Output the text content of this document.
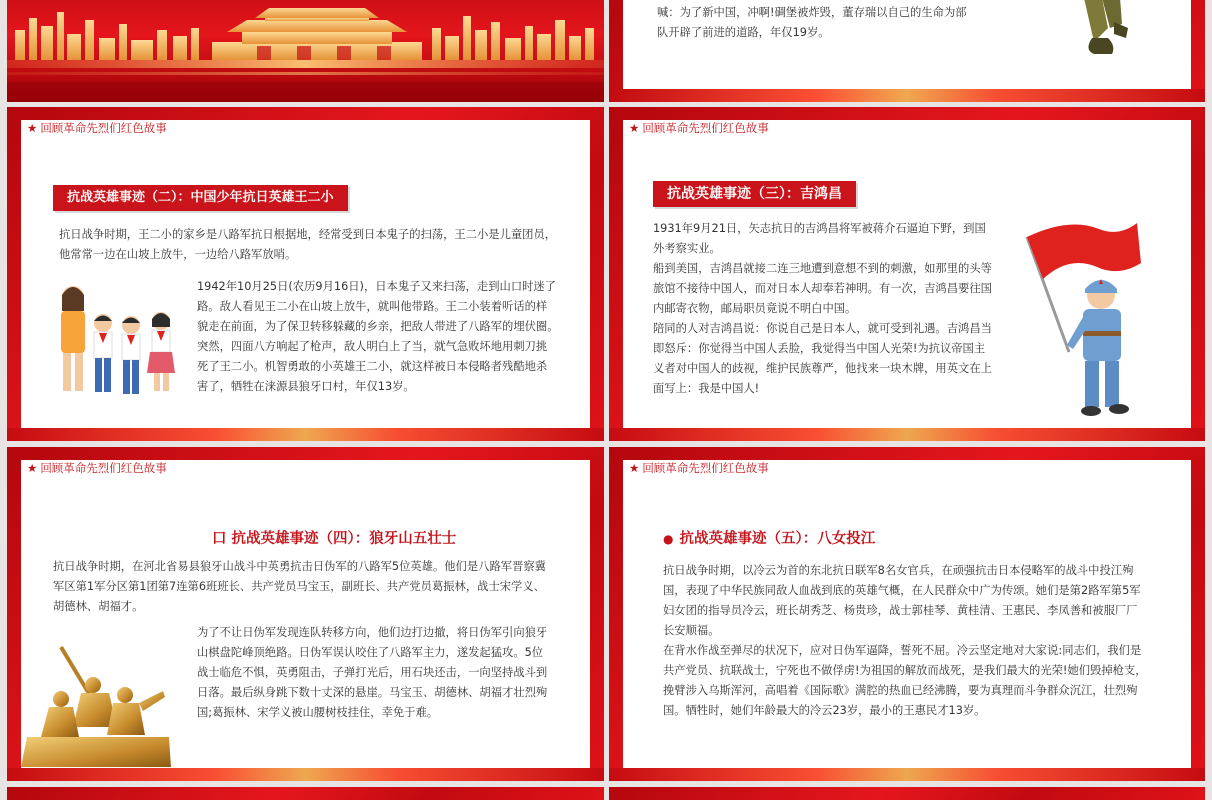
喊：为了新中国，冲啊!碉堡被炸毁，董存瑞以自己的生命为部
队开辟了前进的道路，年仅19岁。
★ 回顾革命先烈们红色故事
抗战英雄事迹（二）：中国少年抗日英雄王二小
抗日战争时期，王二小的家乡是八路军抗日根据地，经常受到日本鬼子的扫荡，王二小是儿童团员，
他常常一边在山坡上放牛，一边给八路军放哨。
1942年10月25日(农历9月16日)，日本鬼子又来扫荡，走到山口时迷了
路。敌人看见王二小在山坡上放牛，就叫他带路。王二小装着听话的样
貌走在前面，为了保卫转移躲藏的乡亲，把敌人带进了八路军的埋伏圈。
突然，四面八方响起了枪声，敌人明白上了当，就气急败坏地用刺刀挑
死了王二小。机智勇敢的小英雄王二小，就这样被日本侵略者残酷地杀
害了，牺牲在涞源县狼牙口村，年仅13岁。
★ 回顾革命先烈们红色故事
抗战英雄事迹（三）：吉鸿昌
1931年9月21日，矢志抗日的吉鸿昌将军被蒋介石逼迫下野，到国
外考察实业。
船到美国，吉鸿昌就接二连三地遭到意想不到的刺激，如那里的头等
旅馆不接待中国人，而对日本人却奉若神明。有一次，吉鸿昌要往国
内邮寄衣物，邮局职员竟说不明白中国。
陪同的人对吉鸿昌说：你说自己是日本人，就可受到礼遇。吉鸿昌当
即怒斥：你觉得当中国人丢脸，我觉得当中国人光荣!为抗议帝国主
义者对中国人的歧视，维护民族尊严，他找来一块木牌，用英文在上
面写上：我是中国人!
★ 回顾革命先烈们红色故事
口 抗战英雄事迹（四）：狼牙山五壮士
抗日战争时期，在河北省易县狼牙山战斗中英勇抗击日伪军的八路军5位英雄。他们是八路军晋察冀
军区第1军分区第1团第7连第6班班长、共产党员马宝玉，副班长、共产党员葛振林，战士宋学义、
胡德林、胡福才。
为了不让日伪军发现连队转移方向，他们边打边撤，将日伪军引向狼牙
山棋盘陀峰顶绝路。日伪军误认咬住了八路军主力，遂发起猛攻。5位
战士临危不惧，英勇阻击，子弹打光后，用石块还击，一向坚持战斗到
日落。最后纵身跳下数十丈深的悬崖。马宝玉、胡德林、胡福才壮烈殉
国;葛振林、宋学义被山腰树枝挂住，幸免于难。
★ 回顾革命先烈们红色故事
● 抗战英雄事迹（五）：八女投江
抗日战争时期，以冷云为首的东北抗日联军8名女官兵，在顽强抗击日本侵略军的战斗中投江殉
国，表现了中华民族同敌人血战到底的英雄气概，在人民群众中广为传颂。她们是第2路军第5军
妇女团的指导员冷云，班长胡秀芝、杨贵珍，战士郭桂琴、黄桂清、王惠民、李凤善和被服厂厂
长安顺福。
在背水作战至弹尽的状况下，应对日伪军逼降，誓死不屈。冷云坚定地对大家说:同志们，我们是
共产党员、抗联战士，宁死也不做俘虏!为祖国的解放而战死，是我们最大的光荣!她们毁掉枪支，
挽臂涉入乌斯浑河，高唱着《国际歌》满腔的热血已经沸腾，要为真理而斗争群众沉江，壮烈殉
国。牺牲时，她们年龄最大的冷云23岁，最小的王惠民才13岁。
